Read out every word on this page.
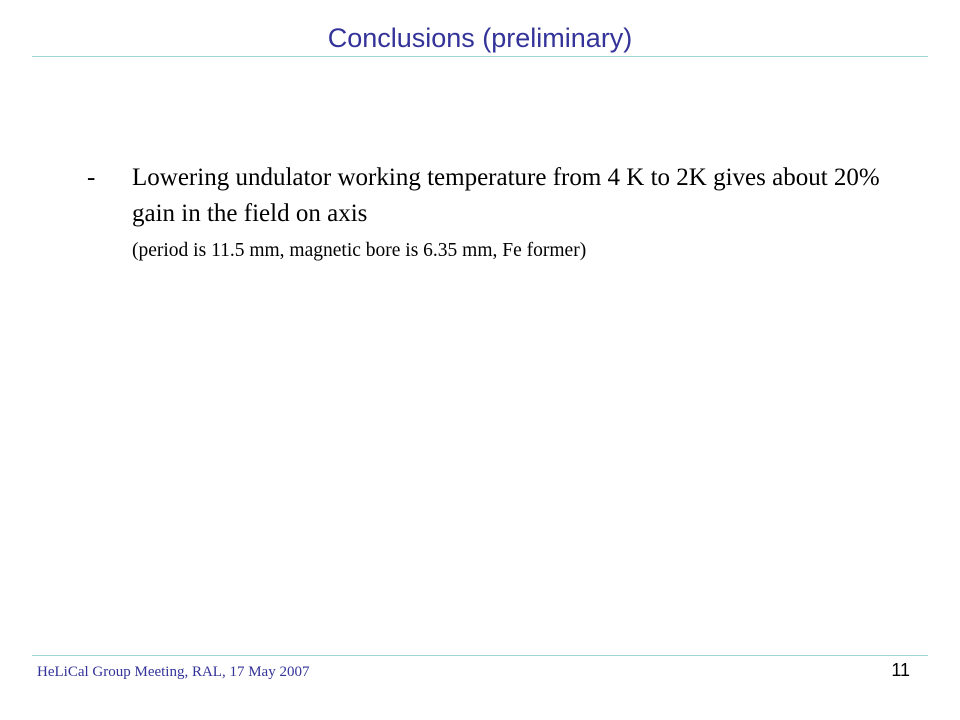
Conclusions (preliminary)
- Lowering undulator working temperature from 4 K to 2K gives about 20% gain in the field on axis
(period is 11.5 mm, magnetic bore is 6.35 mm, Fe former)
HeLiCal Group Meeting, RAL, 17 May 2007	11
